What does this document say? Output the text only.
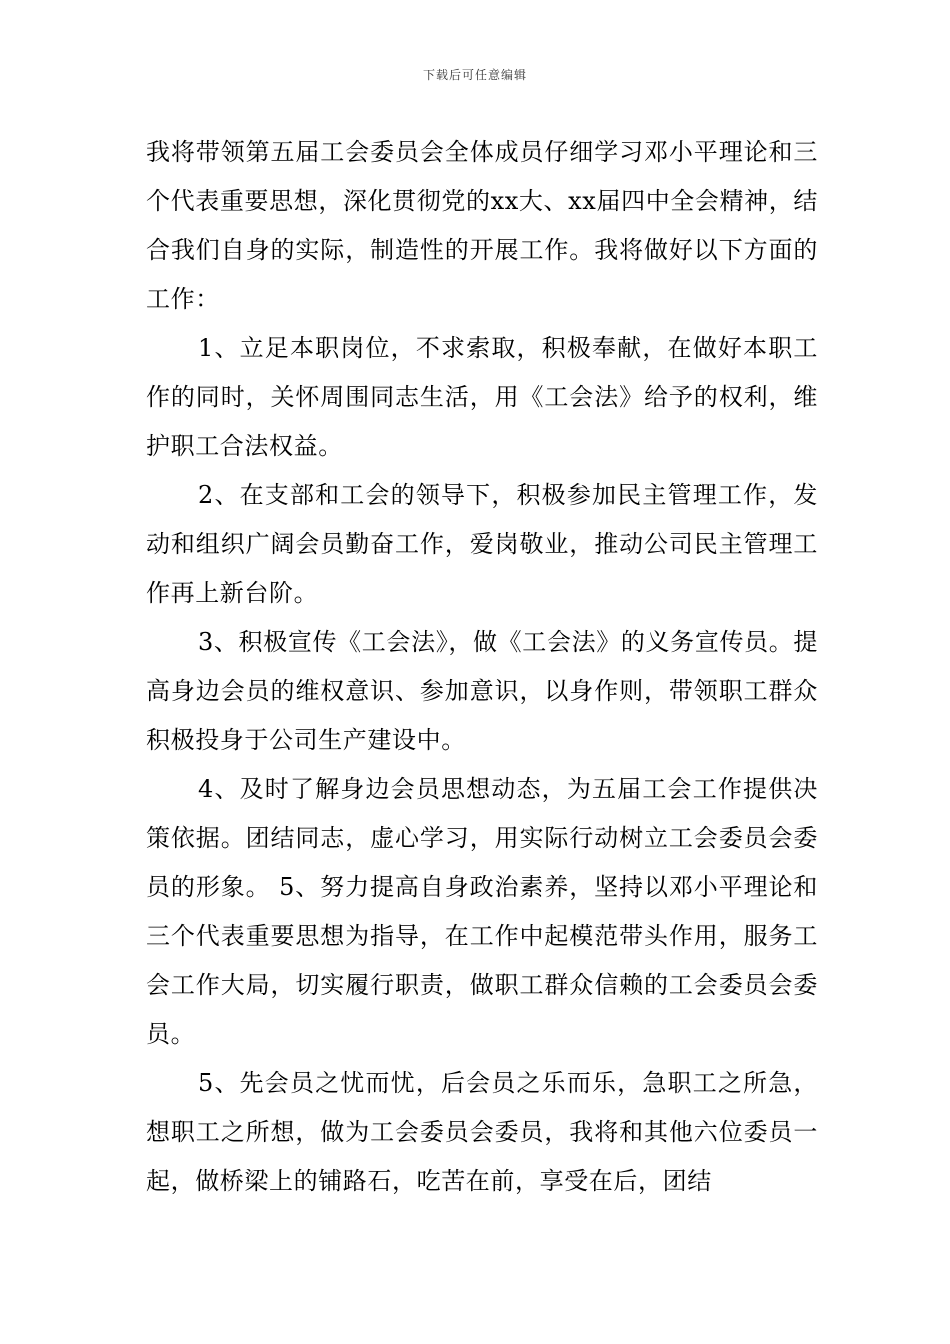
下载后可任意编辑

我将带领第五届工会委员会全体成员仔细学习邓小平理论和三个代表重要思想，深化贯彻党的xx大、xx届四中全会精神，结合我们自身的实际，制造性的开展工作。我将做好以下方面的工作：

1、立足本职岗位，不求索取，积极奉献，在做好本职工作的同时，关怀周围同志生活，用《工会法》给予的权利，维护职工合法权益。

2、在支部和工会的领导下，积极参加民主管理工作，发动和组织广阔会员勤奋工作，爱岗敬业，推动公司民主管理工作再上新台阶。

3、积极宣传《工会法》，做《工会法》的义务宣传员。提高身边会员的维权意识、参加意识，以身作则，带领职工群众积极投身于公司生产建设中。

4、及时了解身边会员思想动态，为五届工会工作提供决策依据。团结同志，虚心学习，用实际行动树立工会委员会委员的形象。 5、努力提高自身政治素养，坚持以邓小平理论和三个代表重要思想为指导，在工作中起模范带头作用，服务工会工作大局，切实履行职责，做职工群众信赖的工会委员会委员。

5、先会员之忧而忧，后会员之乐而乐，急职工之所急，想职工之所想，做为工会委员会委员，我将和其他六位委员一起，做桥梁上的铺路石，吃苦在前，享受在后，团结
